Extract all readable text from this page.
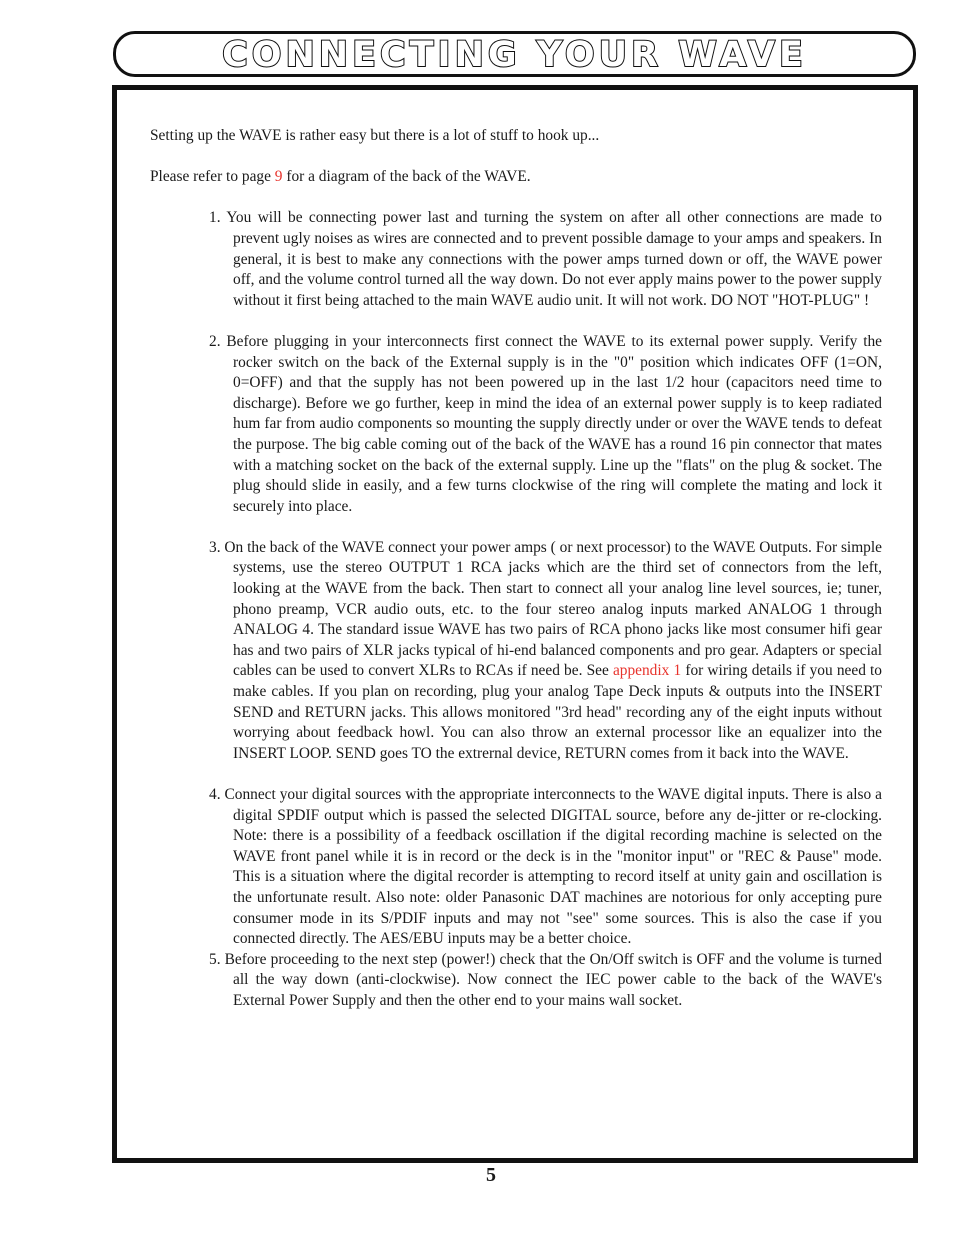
CONNECTING YOUR WAVE

Setting up the WAVE is rather easy but there is a lot of stuff to hook up...

Please refer to page 9 for a diagram of the back of the WAVE.

1. You will be connecting power last and turning the system on after all other connections are made to prevent ugly noises as wires are connected and to prevent possible damage to your amps and speakers. In general, it is best to make any connections with the power amps turned down or off, the WAVE power off, and the volume control turned all the way down. Do not ever apply mains power to the power supply without it first being attached to the main WAVE audio unit. It will not work. DO NOT "HOT-PLUG" !

2. Before plugging in your interconnects first connect the WAVE to its external power supply. Verify the rocker switch on the back of the External supply is in the "0" position which indicates OFF (1=ON, 0=OFF) and that the supply has not been powered up in the last 1/2 hour (capacitors need time to discharge). Before we go further, keep in mind the idea of an external power supply is to keep radiated hum far from audio components so mounting the supply directly under or over the WAVE tends to defeat the purpose. The big cable coming out of the back of the WAVE has a round 16 pin connector that mates with a matching socket on the back of the external supply. Line up the "flats" on the plug & socket. The plug should slide in easily, and a few turns clockwise of the ring will complete the mating and lock it securely into place.

3. On the back of the WAVE connect your power amps ( or next processor) to the WAVE Outputs. For simple systems, use the stereo OUTPUT 1 RCA jacks which are the third set of connectors from the left, looking at the WAVE from the back. Then start to connect all your analog line level sources, ie; tuner, phono preamp, VCR audio outs, etc. to the four stereo analog inputs marked ANALOG 1 through ANALOG 4. The standard issue WAVE has two pairs of RCA phono jacks like most consumer hifi gear has and two pairs of XLR jacks typical of hi-end balanced components and pro gear. Adapters or special cables can be used to convert XLRs to RCAs if need be. See appendix 1 for wiring details if you need to make cables. If you plan on recording, plug your analog Tape Deck inputs & outputs into the INSERT SEND and RETURN jacks. This allows monitored "3rd head" recording any of the eight inputs without worrying about feedback howl. You can also throw an external processor like an equalizer into the INSERT LOOP. SEND goes TO the extrernal device, RETURN comes from it back into the WAVE.

4. Connect your digital sources with the appropriate interconnects to the WAVE digital inputs. There is also a digital SPDIF output which is passed the selected DIGITAL source, before any de-jitter or re-clocking. Note: there is a possibility of a feedback oscillation if the digital recording machine is selected on the WAVE front panel while it is in record or the deck is in the "monitor input" or "REC & Pause" mode. This is a situation where the digital recorder is attempting to record itself at unity gain and oscillation is the unfortunate result. Also note: older Panasonic DAT machines are notorious for only accepting pure consumer mode in its S/PDIF inputs and may not "see" some sources. This is also the case if you connected directly. The AES/EBU inputs may be a better choice.

5. Before proceeding to the next step (power!) check that the On/Off switch is OFF and the volume is turned all the way down (anti-clockwise). Now connect the IEC power cable to the back of the WAVE's External Power Supply and then the other end to your mains wall socket.

5
